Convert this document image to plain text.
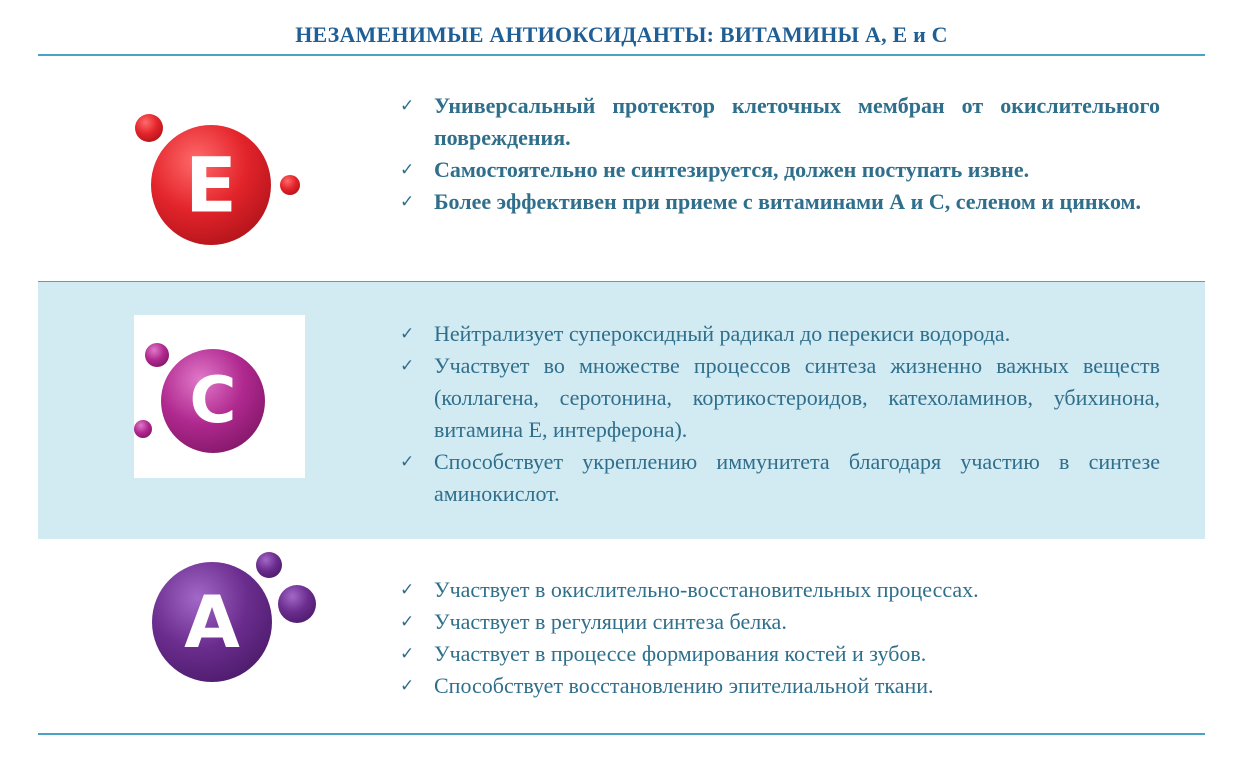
НЕЗАМЕНИМЫЕ АНТИОКСИДАНТЫ: ВИТАМИНЫ А, Е и С
E
C
A
✓ Универсальный протектор клеточных мембран от окислительного повреждения.
✓ Самостоятельно не синтезируется, должен поступать извне.
✓ Более эффективен при приеме с витаминами А и С, селеном и цинком.
✓ Нейтрализует супероксидный радикал до перекиси водорода.
✓ Участвует во множестве процессов синтеза жизненно важных веществ (коллагена, серотонина, кортикостероидов, катехоламинов, убихинона, витамина Е, интерферона).
✓ Способствует укреплению иммунитета благодаря участию в синтезе аминокислот.
✓ Участвует в окислительно-восстановительных процессах.
✓ Участвует в регуляции синтеза белка.
✓ Участвует в процессе формирования костей и зубов.
✓ Способствует восстановлению эпителиальной ткани.
